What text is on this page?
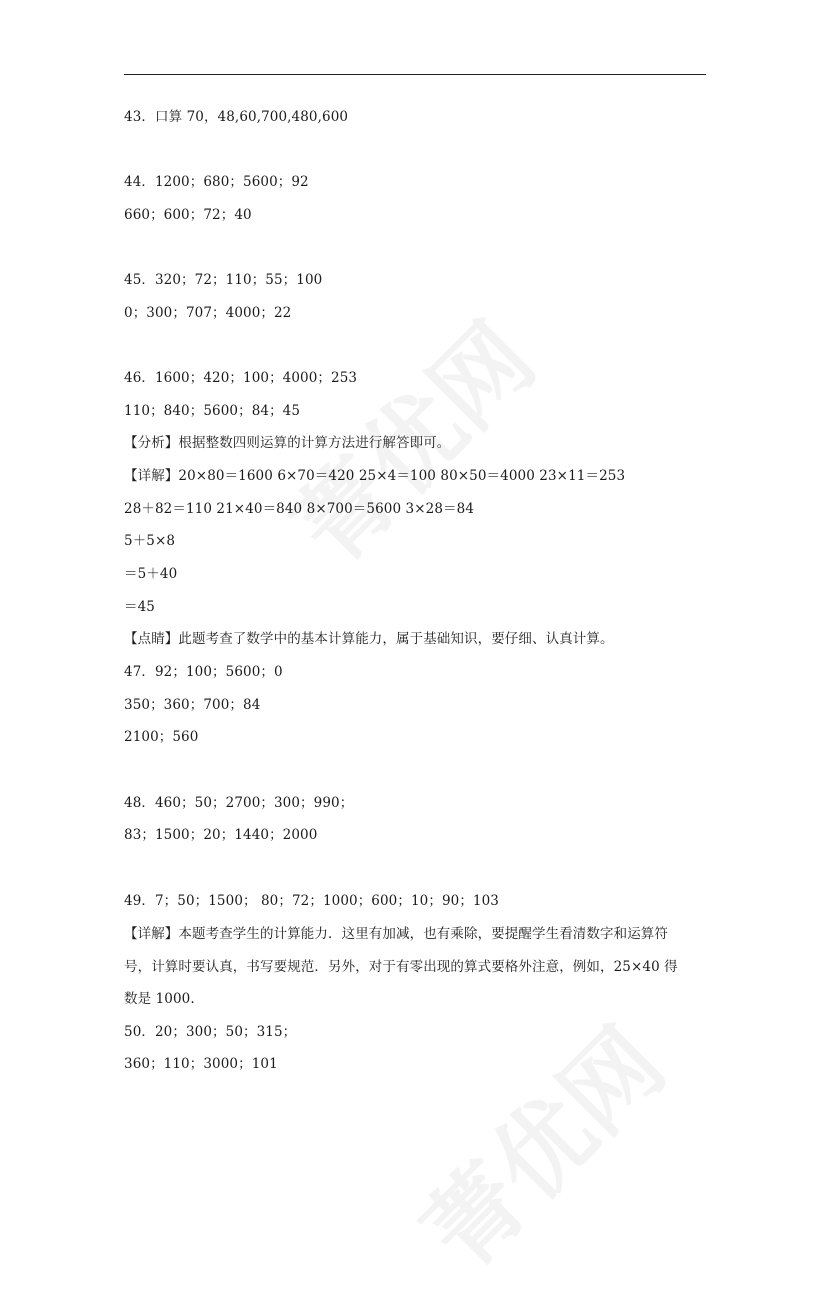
43．口算 70，48,60,700,480,600
44．1200；680；5600；92
660；600；72；40
45．320；72；110；55；100
0；300；707；4000；22
46．1600；420；100；4000；253
110；840；5600；84；45
【分析】根据整数四则运算的计算方法进行解答即可。
【详解】20×80＝1600 6×70＝420 25×4＝100 80×50＝4000 23×11＝253
28＋82＝110 21×40＝840 8×700＝5600 3×28＝84
5＋5×8
＝5＋40
＝45
【点睛】此题考查了数学中的基本计算能力，属于基础知识，要仔细、认真计算。
47．92；100；5600；0
350；360；700；84
2100；560
48．460；50；2700；300；990；
83；1500；20；1440；2000
49．7；50；1500； 80；72；1000；600；10；90；103
【详解】本题考查学生的计算能力．这里有加减，也有乘除，要提醒学生看清数字和运算符
号，计算时要认真，书写要规范．另外，对于有零出现的算式要格外注意，例如，25×40 得
数是 1000.
50．20；300；50；315；
360；110；3000；101
